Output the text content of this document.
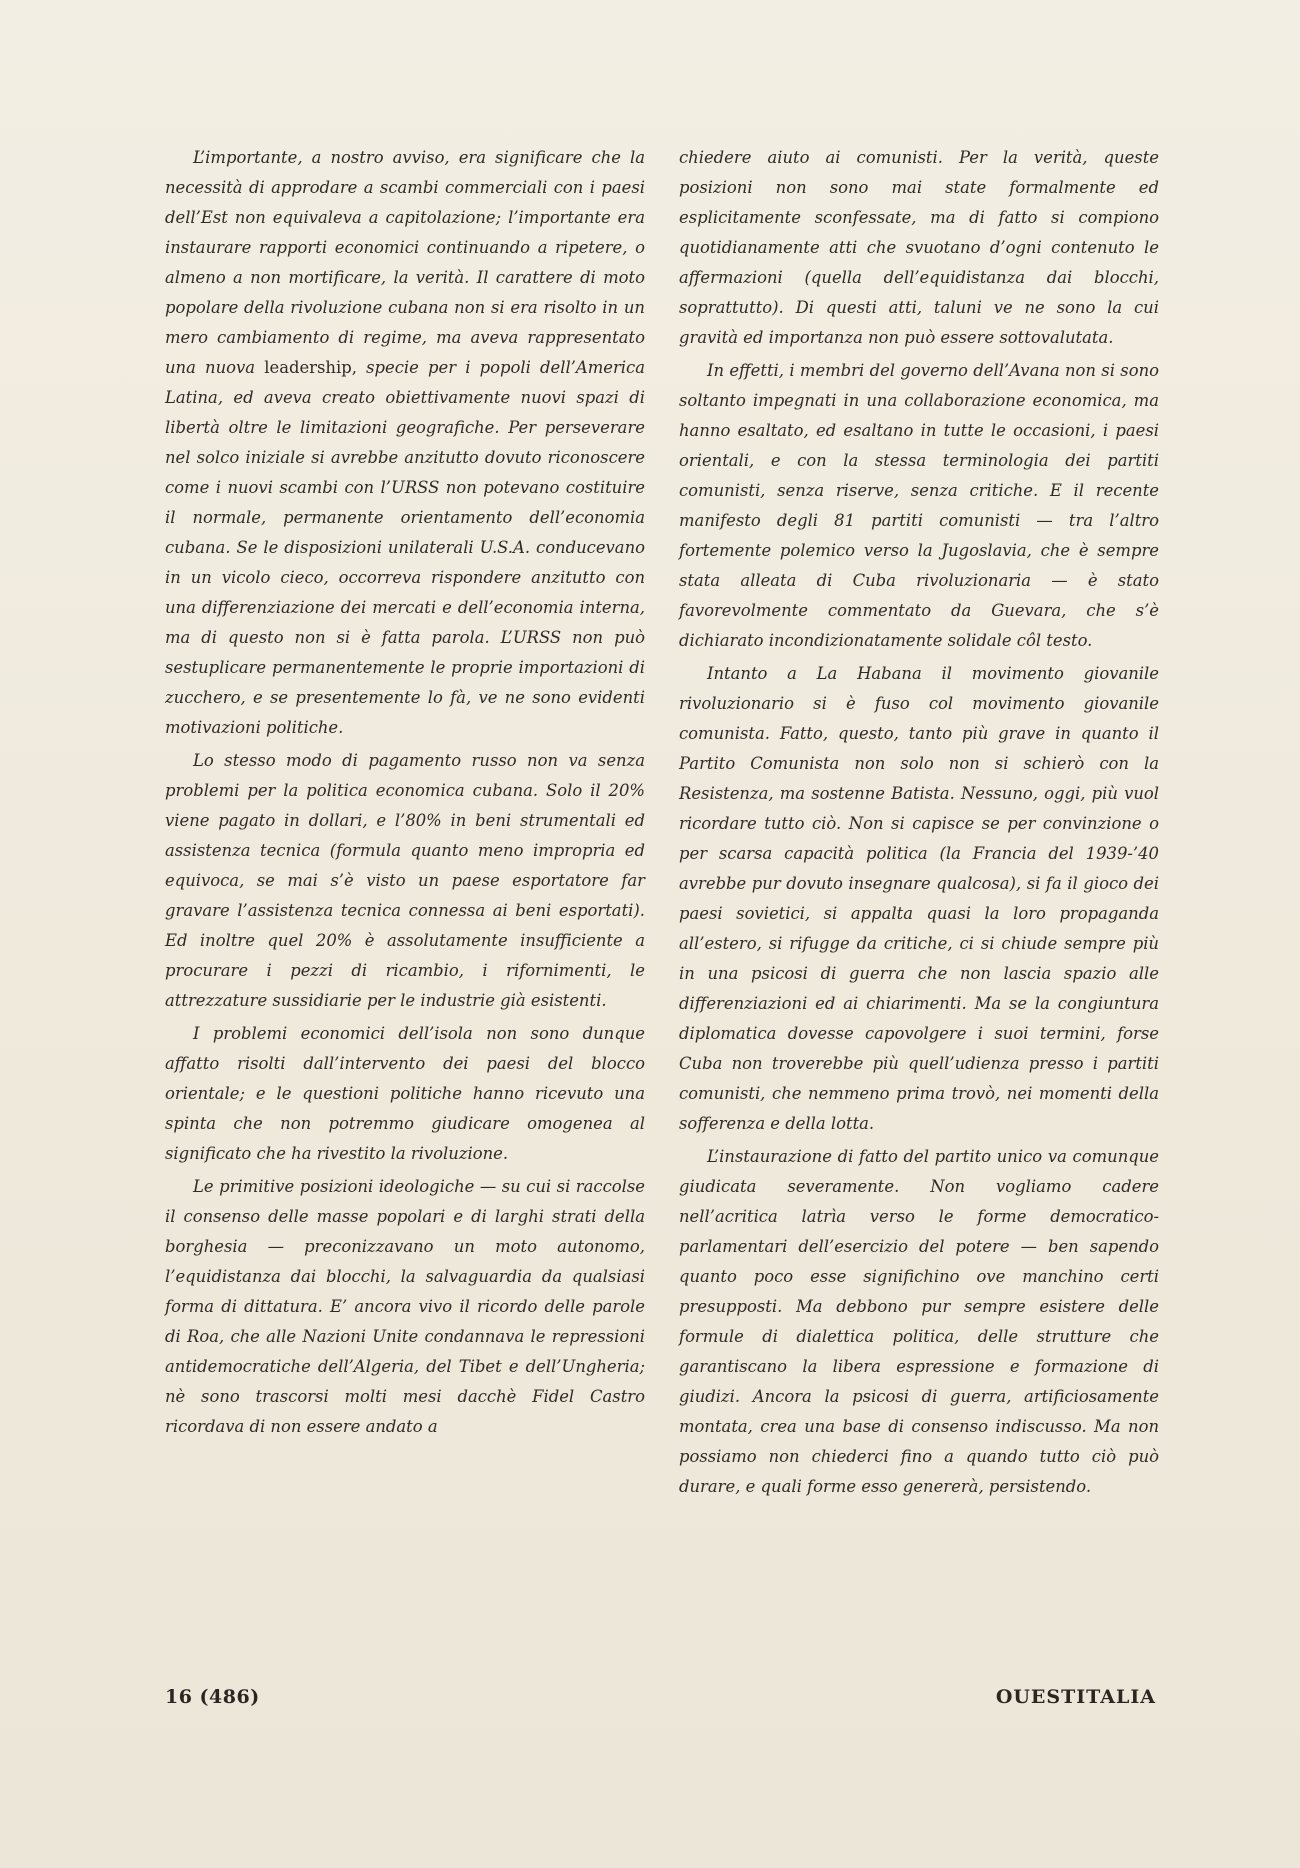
L’importante, a nostro avviso, era significare che la necessità di approdare a scambi commerciali con i paesi dell’Est non equivaleva a capitolazione; l’importante era instaurare rapporti economici continuando a ripetere, o almeno a non mortificare, la verità. Il carattere di moto popolare della rivoluzione cubana non si era risolto in un mero cambiamento di regime, ma aveva rappresentato una nuova leadership, specie per i popoli dell’America Latina, ed aveva creato obiettivamente nuovi spazi di libertà oltre le limitazioni geografiche. Per perseverare nel solco iniziale si avrebbe anzitutto dovuto riconoscere come i nuovi scambi con l’URSS non potevano costituire il normale, permanente orientamento dell’economia cubana. Se le disposizioni unilaterali U.S.A. conducevano in un vicolo cieco, occorreva rispondere anzitutto con una differenziazione dei mercati e dell’economia interna, ma di questo non si è fatta parola. L’URSS non può sestuplicare permanentemente le proprie importazioni di zucchero, e se presentemente lo fà, ve ne sono evidenti motivazioni politiche.

Lo stesso modo di pagamento russo non va senza problemi per la politica economica cubana. Solo il 20% viene pagato in dollari, e l’80% in beni strumentali ed assistenza tecnica (formula quanto meno impropria ed equivoca, se mai s’è visto un paese esportatore far gravare l’assistenza tecnica connessa ai beni esportati). Ed inoltre quel 20% è assolutamente insufficiente a procurare i pezzi di ricambio, i rifornimenti, le attrezzature sussidiarie per le industrie già esistenti.

I problemi economici dell’isola non sono dunque affatto risolti dall’intervento dei paesi del blocco orientale; e le questioni politiche hanno ricevuto una spinta che non potremmo giudicare omogenea al significato che ha rivestito la rivoluzione.

Le primitive posizioni ideologiche — su cui si raccolse il consenso delle masse popolari e di larghi strati della borghesia — preconizzavano un moto autonomo, l’equidistanza dai blocchi, la salvaguardia da qualsiasi forma di dittatura. E’ ancora vivo il ricordo delle parole di Roa, che alle Nazioni Unite condannava le repressioni antidemocratiche dell’Algeria, del Tibet e dell’Ungheria; nè sono trascorsi molti mesi dacchè Fidel Castro ricordava di non essere andato a

chiedere aiuto ai comunisti. Per la verità, queste posizioni non sono mai state formalmente ed esplicitamente sconfessate, ma di fatto si compiono quotidianamente atti che svuotano d’ogni contenuto le affermazioni (quella dell’equidistanza dai blocchi, soprattutto). Di questi atti, taluni ve ne sono la cui gravità ed importanza non può essere sottovalutata.

In effetti, i membri del governo dell’Avana non si sono soltanto impegnati in una collaborazione economica, ma hanno esaltato, ed esaltano in tutte le occasioni, i paesi orientali, e con la stessa terminologia dei partiti comunisti, senza riserve, senza critiche. E il recente manifesto degli 81 partiti comunisti — tra l’altro fortemente polemico verso la Jugoslavia, che è sempre stata alleata di Cuba rivoluzionaria — è stato favorevolmente commentato da Guevara, che s’è dichiarato incondizionatamente solidale côl testo.

Intanto a La Habana il movimento giovanile rivoluzionario si è fuso col movimento giovanile comunista. Fatto, questo, tanto più grave in quanto il Partito Comunista non solo non si schierò con la Resistenza, ma sostenne Batista. Nessuno, oggi, più vuol ricordare tutto ciò. Non si capisce se per convinzione o per scarsa capacità politica (la Francia del 1939-’40 avrebbe pur dovuto insegnare qualcosa), si fa il gioco dei paesi sovietici, si appalta quasi la loro propaganda all’estero, si rifugge da critiche, ci si chiude sempre più in una psicosi di guerra che non lascia spazio alle differenziazioni ed ai chiarimenti. Ma se la congiuntura diplomatica dovesse capovolgere i suoi termini, forse Cuba non troverebbe più quell’udienza presso i partiti comunisti, che nemmeno prima trovò, nei momenti della sofferenza e della lotta.

L’instaurazione di fatto del partito unico va comunque giudicata severamente. Non vogliamo cadere nell’acritica latrìa verso le forme democratico-parlamentari dell’esercizio del potere — ben sapendo quanto poco esse significhino ove manchino certi presupposti. Ma debbono pur sempre esistere delle formule di dialettica politica, delle strutture che garantiscano la libera espressione e formazione di giudizi. Ancora la psicosi di guerra, artificiosamente montata, crea una base di consenso indiscusso. Ma non possiamo non chiederci fino a quando tutto ciò può durare, e quali forme esso genererà, persistendo.

16 (486)	OUESTITALIA
